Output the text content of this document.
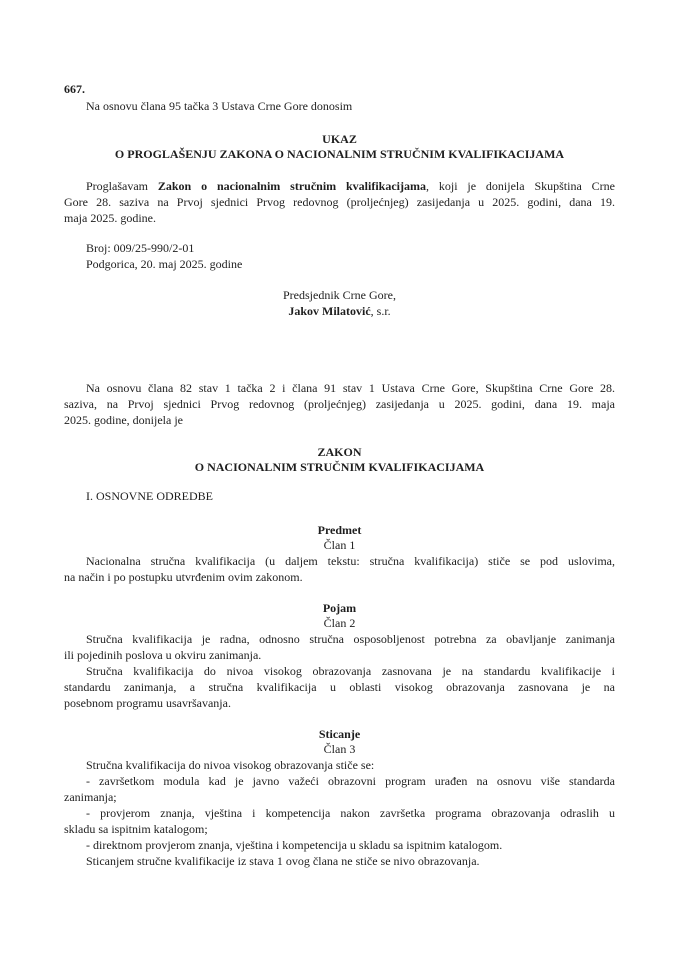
667.
Na osnovu člana 95 tačka 3 Ustava Crne Gore donosim
UKAZ
O PROGLAŠENJU ZAKONA O NACIONALNIM STRUČNIM KVALIFIKACIJAMA
Proglašavam Zakon o nacionalnim stručnim kvalifikacijama, koji je donijela Skupština Crne
Gore 28. saziva na Prvoj sjednici Prvog redovnog (proljećnjeg) zasijedanja u 2025. godini, dana 19.
maja 2025. godine.
Broj: 009/25-990/2-01
Podgorica, 20. maj 2025. godine
Predsjednik Crne Gore,
Jakov Milatović, s.r.
Na osnovu člana 82 stav 1 tačka 2 i člana 91 stav 1 Ustava Crne Gore, Skupština Crne Gore 28.
saziva, na Prvoj sjednici Prvog redovnog (proljećnjeg) zasijedanja u 2025. godini, dana 19. maja
2025. godine, donijela je
ZAKON
O NACIONALNIM STRUČNIM KVALIFIKACIJAMA
I. OSNOVNE ODREDBE
Predmet
Član 1
Nacionalna stručna kvalifikacija (u daljem tekstu: stručna kvalifikacija) stiče se pod uslovima,
na način i po postupku utvrđenim ovim zakonom.
Pojam
Član 2
Stručna kvalifikacija je radna, odnosno stručna osposobljenost potrebna za obavljanje zanimanja
ili pojedinih poslova u okviru zanimanja.
Stručna kvalifikacija do nivoa visokog obrazovanja zasnovana je na standardu kvalifikacije i
standardu zanimanja, a stručna kvalifikacija u oblasti visokog obrazovanja zasnovana je na
posebnom programu usavršavanja.
Sticanje
Član 3
Stručna kvalifikacija do nivoa visokog obrazovanja stiče se:
- završetkom modula kad je javno važeći obrazovni program urađen na osnovu više standarda
zanimanja;
- provjerom znanja, vještina i kompetencija nakon završetka programa obrazovanja odraslih u
skladu sa ispitnim katalogom;
- direktnom provjerom znanja, vještina i kompetencija u skladu sa ispitnim katalogom.
Sticanjem stručne kvalifikacije iz stava 1 ovog člana ne stiče se nivo obrazovanja.
